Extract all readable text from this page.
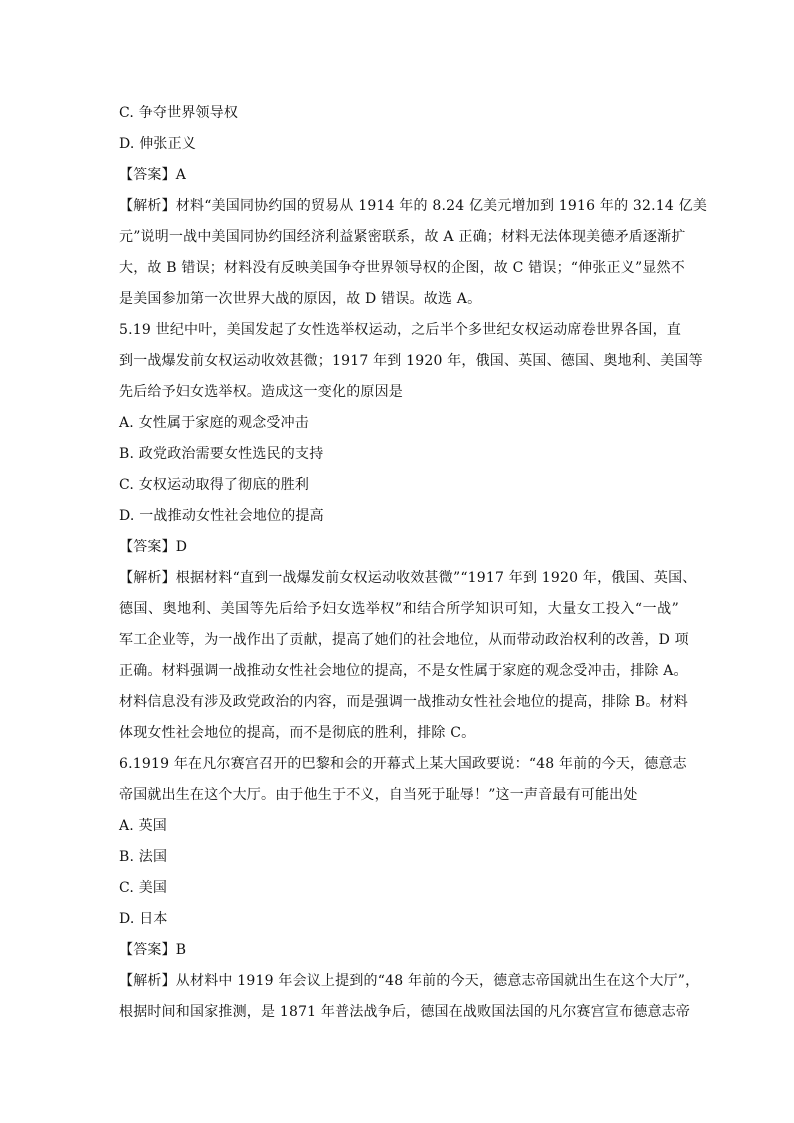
C. 争夺世界领导权
D. 伸张正义
【答案】A
【解析】材料“美国同协约国的贸易从 1914 年的 8.24 亿美元增加到 1916 年的 32.14 亿美
元”说明一战中美国同协约国经济利益紧密联系，故 A 正确；材料无法体现美德矛盾逐渐扩
大，故 B 错误；材料没有反映美国争夺世界领导权的企图，故 C 错误；“伸张正义”显然不
是美国参加第一次世界大战的原因，故 D 错误。故选 A。
5.19 世纪中叶，美国发起了女性选举权运动，之后半个多世纪女权运动席卷世界各国，直
到一战爆发前女权运动收效甚微；1917 年到 1920 年，俄国、英国、德国、奥地利、美国等
先后给予妇女选举权。造成这一变化的原因是
A. 女性属于家庭的观念受冲击
B. 政党政治需要女性选民的支持
C. 女权运动取得了彻底的胜利
D. 一战推动女性社会地位的提高
【答案】D
【解析】根据材料“直到一战爆发前女权运动收效甚微”“1917 年到 1920 年，俄国、英国、
德国、奥地利、美国等先后给予妇女选举权”和结合所学知识可知，大量女工投入“一战”
军工企业等，为一战作出了贡献，提高了她们的社会地位，从而带动政治权利的改善，D 项
正确。材料强调一战推动女性社会地位的提高，不是女性属于家庭的观念受冲击，排除 A。
材料信息没有涉及政党政治的内容，而是强调一战推动女性社会地位的提高，排除 B。材料
体现女性社会地位的提高，而不是彻底的胜利，排除 C。
6.1919 年在凡尔赛宫召开的巴黎和会的开幕式上某大国政要说：“48 年前的今天，德意志
帝国就出生在这个大厅。由于他生于不义，自当死于耻辱！”这一声音最有可能出处
A. 英国
B. 法国
C. 美国
D. 日本
【答案】B
【解析】从材料中 1919 年会议上提到的“48 年前的今天，德意志帝国就出生在这个大厅”，
根据时间和国家推测，是 1871 年普法战争后，德国在战败国法国的凡尔赛宫宣布德意志帝
